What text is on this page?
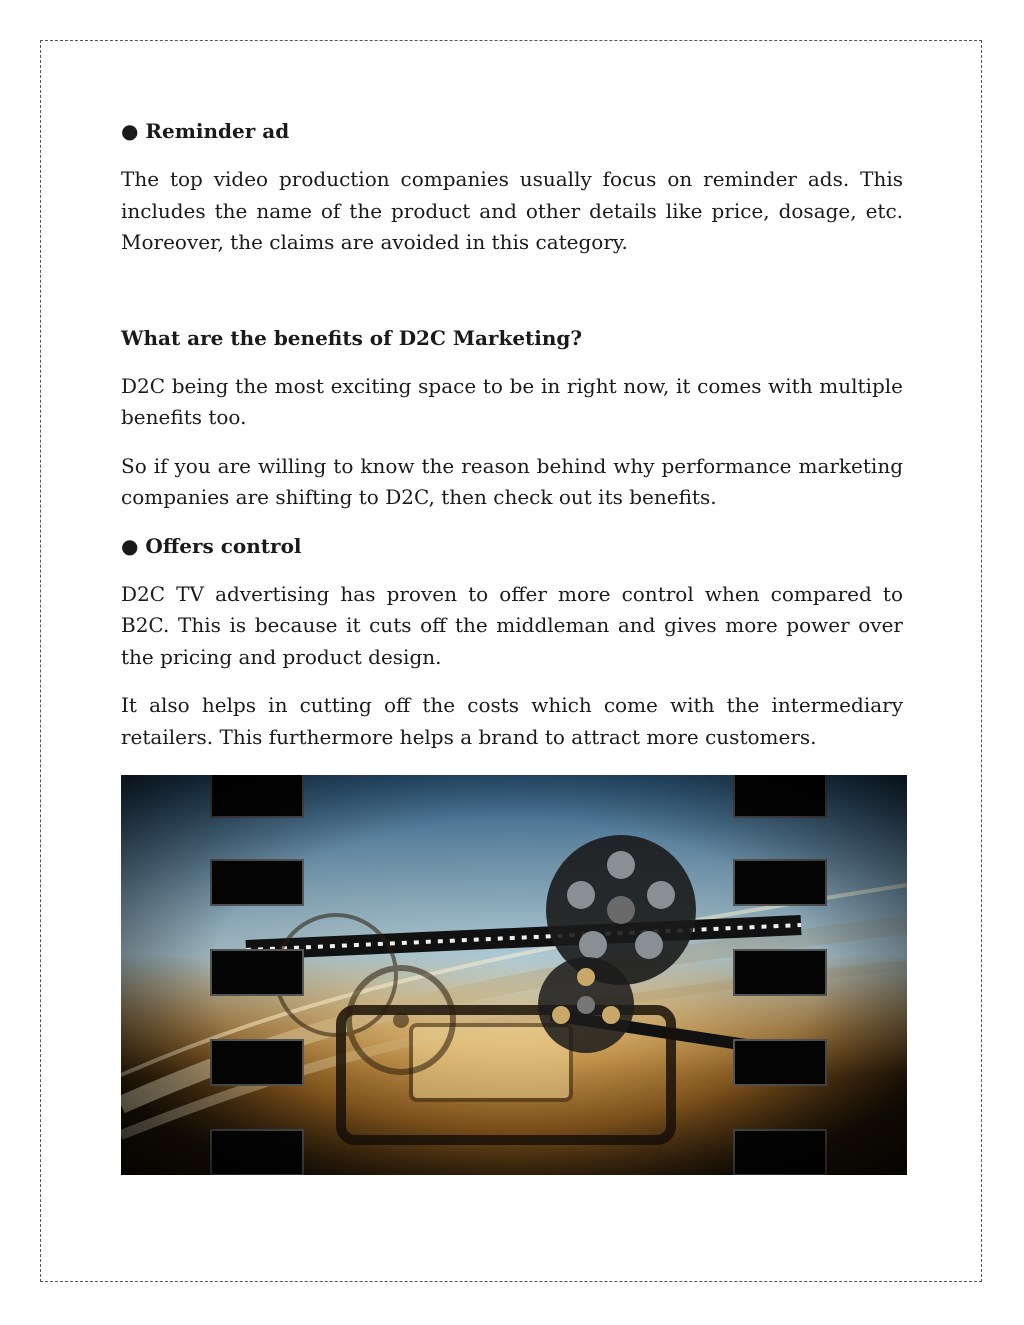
● Reminder ad

The top video production companies usually focus on reminder ads. This includes the name of the product and other details like price, dosage, etc. Moreover, the claims are avoided in this category.

What are the benefits of D2C Marketing?

D2C being the most exciting space to be in right now, it comes with multiple benefits too.

So if you are willing to know the reason behind why performance marketing companies are shifting to D2C, then check out its benefits.

● Offers control

D2C TV advertising has proven to offer more control when compared to B2C. This is because it cuts off the middleman and gives more power over the pricing and product design.

It also helps in cutting off the costs which come with the intermediary retailers. This furthermore helps a brand to attract more customers.
